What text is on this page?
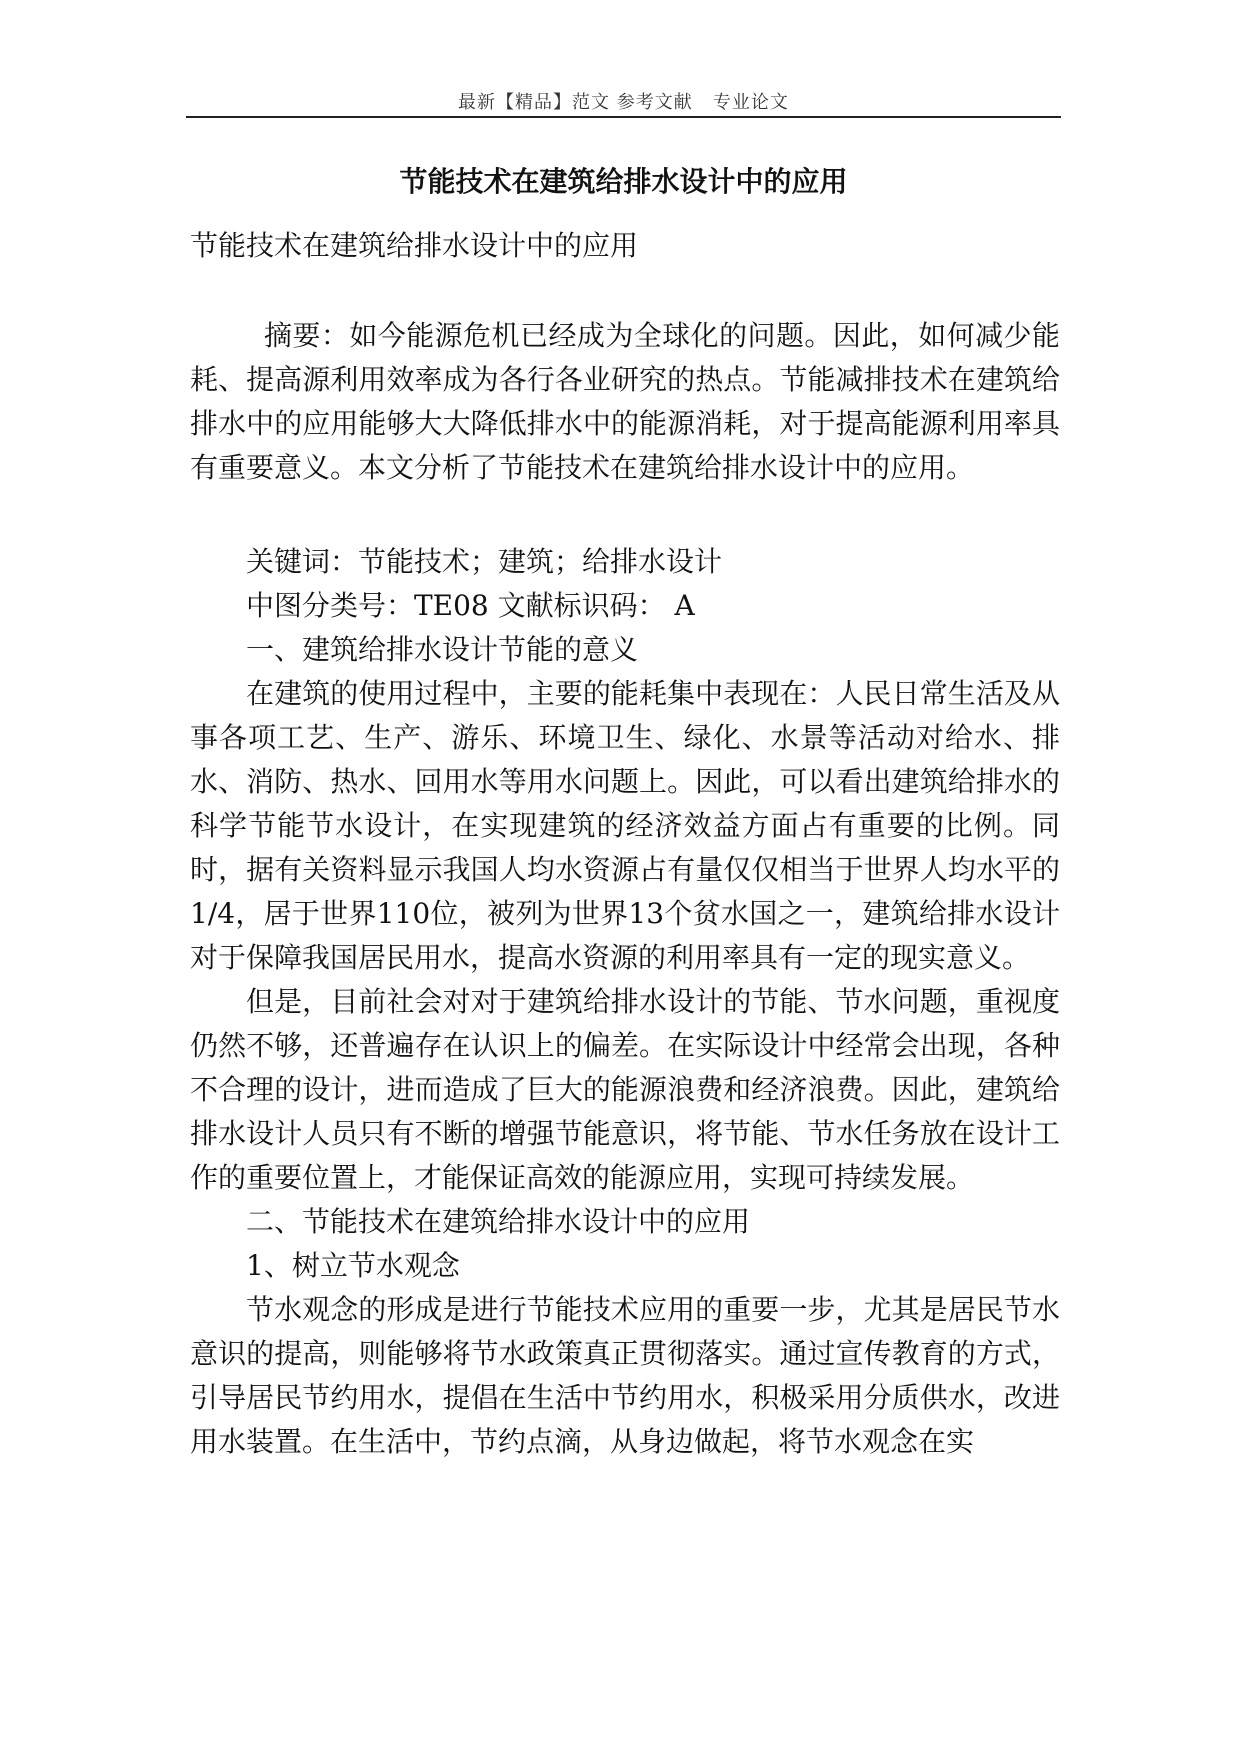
最新【精品】范文 参考文献   专业论文
节能技术在建筑给排水设计中的应用
节能技术在建筑给排水设计中的应用
摘要：如今能源危机已经成为全球化的问题。因此，如何减少能耗、提高源利用效率成为各行各业研究的热点。节能减排技术在建筑给排水中的应用能够大大降低排水中的能源消耗，对于提高能源利用率具有重要意义。本文分析了节能技术在建筑给排水设计中的应用。
关键词：节能技术；建筑；给排水设计
中图分类号：TE08 文献标识码： A

一、建筑给排水设计节能的意义

在建筑的使用过程中，主要的能耗集中表现在：人民日常生活及从事各项工艺、生产、游乐、环境卫生、绿化、水景等活动对给水、排水、消防、热水、回用水等用水问题上。因此，可以看出建筑给排水的科学节能节水设计，在实现建筑的经济效益方面占有重要的比例。同时，据有关资料显示我国人均水资源占有量仅仅相当于世界人均水平的1/4，居于世界110位，被列为世界13个贫水国之一，建筑给排水设计对于保障我国居民用水，提高水资源的利用率具有一定的现实意义。

但是，目前社会对对于建筑给排水设计的节能、节水问题，重视度仍然不够，还普遍存在认识上的偏差。在实际设计中经常会出现，各种不合理的设计，进而造成了巨大的能源浪费和经济浪费。因此，建筑给排水设计人员只有不断的增强节能意识，将节能、节水任务放在设计工作的重要位置上，才能保证高效的能源应用，实现可持续发展。

二、节能技术在建筑给排水设计中的应用

1、树立节水观念

节水观念的形成是进行节能技术应用的重要一步，尤其是居民节水意识的提高，则能够将节水政策真正贯彻落实。通过宣传教育的方式，引导居民节约用水，提倡在生活中节约用水，积极采用分质供水，改进用水装置。在生活中，节约点滴，从身边做起，将节水观念在实
